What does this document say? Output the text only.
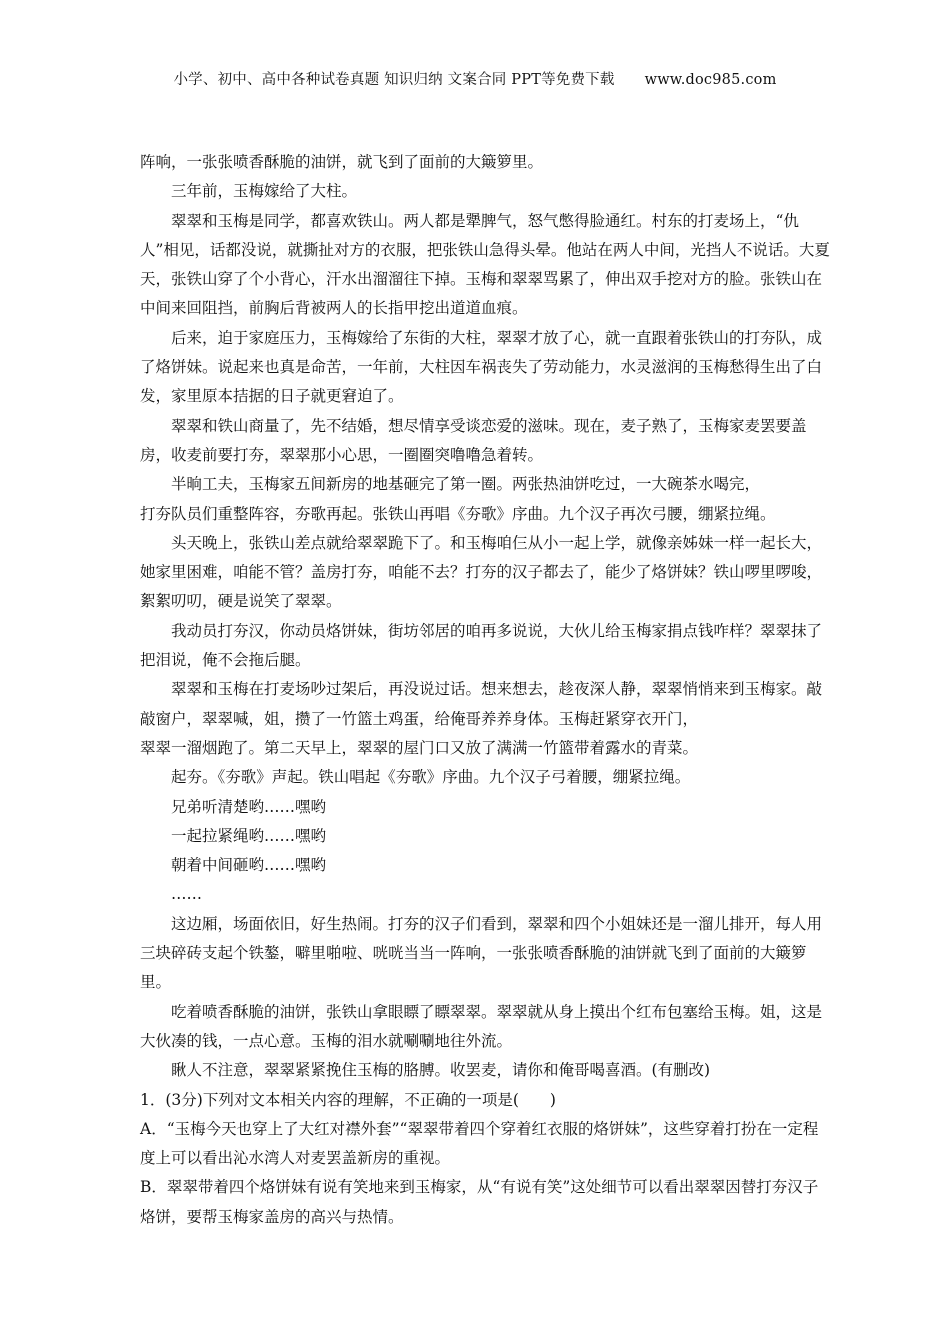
小学、初中、高中各种试卷真题 知识归纳 文案合同 PPT等免费下载 www.doc985.com

阵响，一张张喷香酥脆的油饼，就飞到了面前的大簸箩里。

三年前，玉梅嫁给了大柱。

翠翠和玉梅是同学，都喜欢铁山。两人都是犟脾气，怒气憋得脸通红。村东的打麦场上，“仇人”相见，话都没说，就撕扯对方的衣服，把张铁山急得头晕。他站在两人中间，光挡人不说话。大夏天，张铁山穿了个小背心，汗水出溜溜往下掉。玉梅和翠翠骂累了，伸出双手挖对方的脸。张铁山在中间来回阻挡，前胸后背被两人的长指甲挖出道道血痕。

后来，迫于家庭压力，玉梅嫁给了东街的大柱，翠翠才放了心，就一直跟着张铁山的打夯队，成了烙饼妹。说起来也真是命苦，一年前，大柱因车祸丧失了劳动能力，水灵滋润的玉梅愁得生出了白发，家里原本拮据的日子就更窘迫了。

翠翠和铁山商量了，先不结婚，想尽情享受谈恋爱的滋味。现在，麦子熟了，玉梅家麦罢要盖房，收麦前要打夯，翠翠那小心思，一圈圈突噜噜急着转。

半晌工夫，玉梅家五间新房的地基砸完了第一圈。两张热油饼吃过，一大碗茶水喝完，

打夯队员们重整阵容，夯歌再起。张铁山再唱《夯歌》序曲。九个汉子再次弓腰，绷紧拉绳。

头天晚上，张铁山差点就给翠翠跪下了。和玉梅咱仨从小一起上学，就像亲姊妹一样一起长大，她家里困难，咱能不管？盖房打夯，咱能不去？打夯的汉子都去了，能少了烙饼妹？铁山啰里啰唆，絮絮叨叨，硬是说笑了翠翠。

我动员打夯汉，你动员烙饼妹，街坊邻居的咱再多说说，大伙儿给玉梅家捐点钱咋样？翠翠抹了把泪说，俺不会拖后腿。

翠翠和玉梅在打麦场吵过架后，再没说过话。想来想去，趁夜深人静，翠翠悄悄来到玉梅家。敲敲窗户，翠翠喊，姐，攒了一竹篮土鸡蛋，给俺哥养养身体。玉梅赶紧穿衣开门，

翠翠一溜烟跑了。第二天早上，翠翠的屋门口又放了满满一竹篮带着露水的青菜。

起夯。《夯歌》声起。铁山唱起《夯歌》序曲。九个汉子弓着腰，绷紧拉绳。

兄弟听清楚哟……嘿哟

一起拉紧绳哟……嘿哟

朝着中间砸哟……嘿哟

……

这边厢，场面依旧，好生热闹。打夯的汉子们看到，翠翠和四个小姐妹还是一溜儿排开，每人用三块碎砖支起个铁鏊，噼里啪啦、咣咣当当一阵响，一张张喷香酥脆的油饼就飞到了面前的大簸箩里。

吃着喷香酥脆的油饼，张铁山拿眼瞟了瞟翠翠。翠翠就从身上摸出个红布包塞给玉梅。姐，这是大伙凑的钱，一点心意。玉梅的泪水就唰唰地往外流。

瞅人不注意，翠翠紧紧挽住玉梅的胳膊。收罢麦，请你和俺哥喝喜酒。(有删改)

1．(3分)下列对文本相关内容的理解，不正确的一项是(　　)

A．“玉梅今天也穿上了大红对襟外套”“翠翠带着四个穿着红衣服的烙饼妹”，这些穿着打扮在一定程度上可以看出沁水湾人对麦罢盖新房的重视。

B．翠翠带着四个烙饼妹有说有笑地来到玉梅家，从“有说有笑”这处细节可以看出翠翠因替打夯汉子烙饼，要帮玉梅家盖房的高兴与热情。
